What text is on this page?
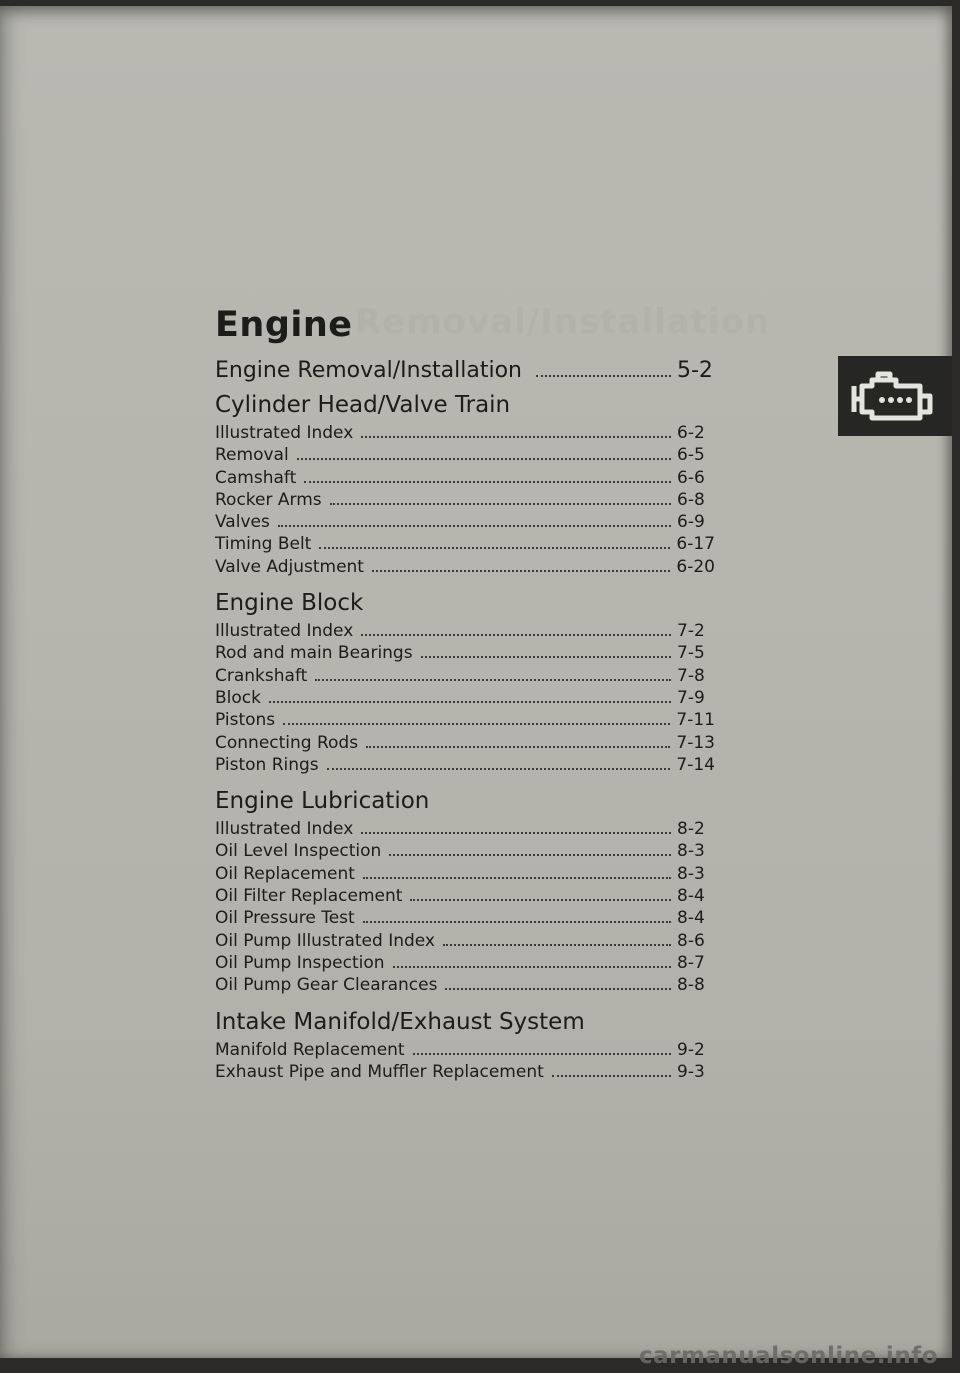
Removal/Installation
Engine
Engine Removal/Installation	5-2
Cylinder Head/Valve Train
Illustrated Index	6-2
Removal	6-5
Camshaft	6-6
Rocker Arms	6-8
Valves	6-9
Timing Belt	6-17
Valve Adjustment	6-20
Engine Block
Illustrated Index	7-2
Rod and main Bearings	7-5
Crankshaft	7-8
Block	7-9
Pistons	7-11
Connecting Rods	7-13
Piston Rings	7-14
Engine Lubrication
Illustrated Index	8-2
Oil Level Inspection	8-3
Oil Replacement	8-3
Oil Filter Replacement	8-4
Oil Pressure Test	8-4
Oil Pump Illustrated Index	8-6
Oil Pump Inspection	8-7
Oil Pump Gear Clearances	8-8
Intake Manifold/Exhaust System
Manifold Replacement	9-2
Exhaust Pipe and Muffler Replacement	9-3
carmanualsonline.info
